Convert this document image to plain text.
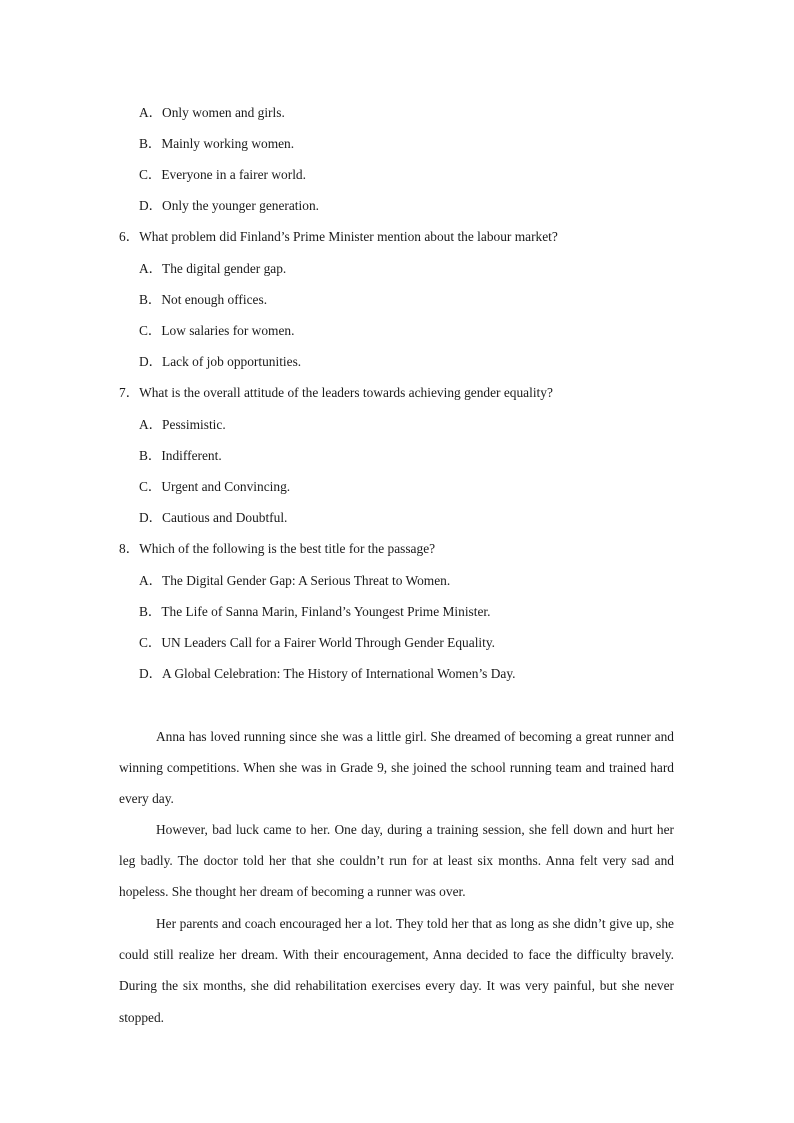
A．Only women and girls.
B．Mainly working women.
C．Everyone in a fairer world.
D．Only the younger generation.
6．What problem did Finland’s Prime Minister mention about the labour market?
A．The digital gender gap.
B．Not enough offices.
C．Low salaries for women.
D．Lack of job opportunities.
7．What is the overall attitude of the leaders towards achieving gender equality?
A．Pessimistic.
B．Indifferent.
C．Urgent and Convincing.
D．Cautious and Doubtful.
8．Which of the following is the best title for the passage?
A．The Digital Gender Gap: A Serious Threat to Women.
B．The Life of Sanna Marin, Finland’s Youngest Prime Minister.
C．UN Leaders Call for a Fairer World Through Gender Equality.
D．A Global Celebration: The History of International Women’s Day.

Anna has loved running since she was a little girl. She dreamed of becoming a great runner and winning competitions. When she was in Grade 9, she joined the school running team and trained hard every day.

However, bad luck came to her. One day, during a training session, she fell down and hurt her leg badly. The doctor told her that she couldn’t run for at least six months. Anna felt very sad and hopeless. She thought her dream of becoming a runner was over.

Her parents and coach encouraged her a lot. They told her that as long as she didn’t give up, she could still realize her dream. With their encouragement, Anna decided to face the difficulty bravely. During the six months, she did rehabilitation exercises every day. It was very painful, but she never stopped.
